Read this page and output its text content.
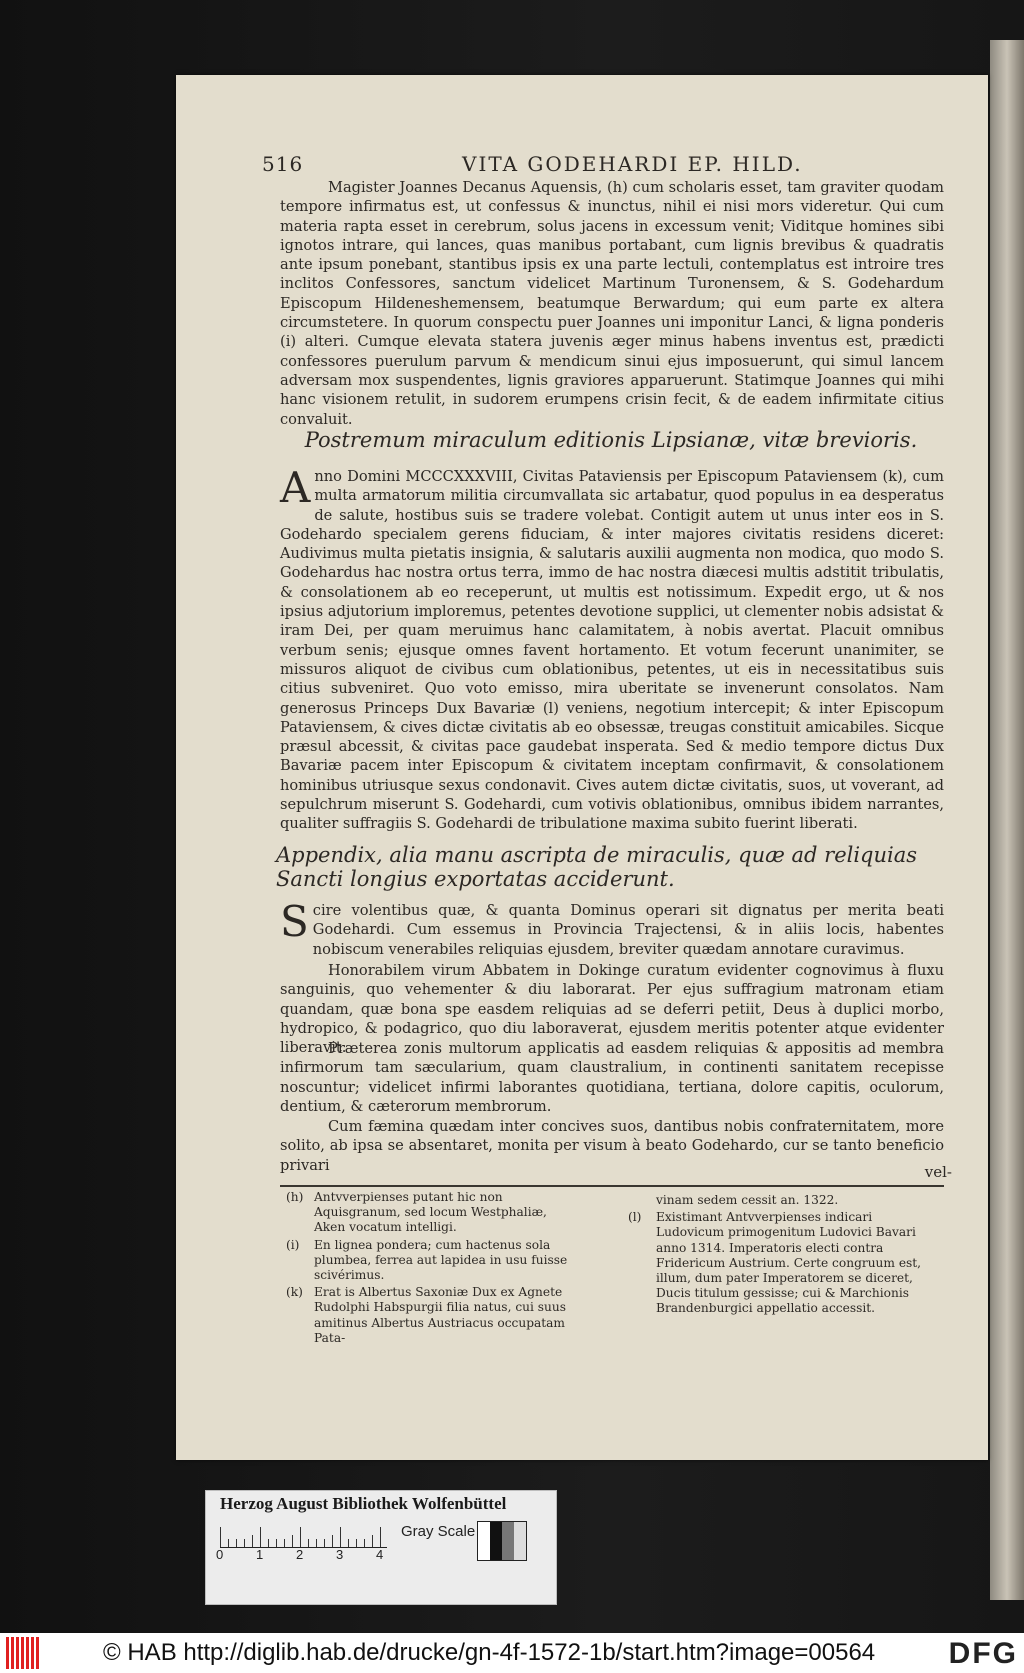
516	VITA GODEHARDI EP. HILD.

Magister Joannes Decanus Aquensis, (h) cum scholaris esset, tam graviter quodam tempore infirmatus est, ut confessus & inunctus, nihil ei nisi mors videretur. Qui cum materia rapta esset in cerebrum, solus jacens in excessum venit; Viditque homines sibi ignotos intrare, qui lances, quas manibus portabant, cum lignis brevibus & quadratis ante ipsum ponebant, stantibus ipsis ex una parte lectuli, contemplatus est introire tres inclitos Confessores, sanctum videlicet Martinum Turonensem, & S. Godehardum Episcopum Hildeneshemensem, beatumque Berwardum; qui eum parte ex altera circumstetere. In quorum conspectu puer Joannes uni imponitur Lanci, & ligna ponderis (i) alteri. Cumque elevata statera juvenis æger minus habens inventus est, prædicti confessores puerulum parvum & mendicum sinui ejus imposuerunt, qui simul lancem adversam mox suspendentes, lignis graviores apparuerunt. Statimque Joannes qui mihi hanc visionem retulit, in sudorem erumpens crisin fecit, & de eadem infirmitate citius convaluit.

Postremum miraculum editionis Lipsianæ, vitæ brevioris.

Anno Domini MCCCXXXVIII, Civitas Pataviensis per Episcopum Pataviensem (k), cum multa armatorum militia circumvallata sic artabatur, quod populus in ea desperatus de salute, hostibus suis se tradere volebat. Contigit autem ut unus inter eos in S. Godehardo specialem gerens fiduciam, & inter majores civitatis residens diceret: Audivimus multa pietatis insignia, & salutaris auxilii augmenta non modica, quo modo S. Godehardus hac nostra ortus terra, immo de hac nostra diæcesi multis adstitit tribulatis, & consolationem ab eo receperunt, ut multis est notissimum. Expedit ergo, ut & nos ipsius adjutorium imploremus, petentes devotione supplici, ut clementer nobis adsistat & iram Dei, per quam meruimus hanc calamitatem, à nobis avertat. Placuit omnibus verbum senis; ejusque omnes favent hortamento. Et votum fecerunt unanimiter, se missuros aliquot de civibus cum oblationibus, petentes, ut eis in necessitatibus suis citius subveniret. Quo voto emisso, mira uberitate se invenerunt consolatos. Nam generosus Princeps Dux Bavariæ (l) veniens, negotium intercepit; & inter Episcopum Pataviensem, & cives dictæ civitatis ab eo obsessæ, treugas constituit amicabiles. Sicque præsul abcessit, & civitas pace gaudebat insperata. Sed & medio tempore dictus Dux Bavariæ pacem inter Episcopum & civitatem inceptam confirmavit, & consolationem hominibus utriusque sexus condonavit. Cives autem dictæ civitatis, suos, ut voverant, ad sepulchrum miserunt S. Godehardi, cum votivis oblationibus, omnibus ibidem narrantes, qualiter suffragiis S. Godehardi de tribulatione maxima subito fuerint liberati.

Appendix, alia manu ascripta de miraculis, quæ ad reliquias Sancti longius exportatas acciderunt.

Scire volentibus quæ, & quanta Dominus operari sit dignatus per merita beati Godehardi. Cum essemus in Provincia Trajectensi, & in aliis locis, habentes nobiscum venerabiles reliquias ejusdem, breviter quædam annotare curavimus.

Honorabilem virum Abbatem in Dokinge curatum evidenter cognovimus à fluxu sanguinis, quo vehementer & diu laborarat. Per ejus suffragium matronam etiam quandam, quæ bona spe easdem reliquias ad se deferri petiit, Deus à duplici morbo, hydropico, & podagrico, quo diu laboraverat, ejusdem meritis potenter atque evidenter liberavit.

Præterea zonis multorum applicatis ad easdem reliquias & appositis ad membra infirmorum tam sæcularium, quam claustralium, in continenti sanitatem recepisse noscuntur; videlicet infirmi laborantes quotidiana, tertiana, dolore capitis, oculorum, dentium, & cæterorum membrorum.

Cum fæmina quædam inter concives suos, dantibus nobis confraternitatem, more solito, ab ipsa se absentaret, monita per visum à beato Godehardo, cur se tanto beneficio privari	vel-
(h) Antvverpienses putant hic non Aquisgranum, sed locum Westphaliæ, Aken vocatum intelligi.
(i) En lignea pondera; cum hactenus sola plumbea, ferrea aut lapidea in usu fuisse scivérimus.
(k) Erat is Albertus Saxoniæ Dux ex Agnete Rudolphi Habspurgii filia natus, cui suus amitinus Albertus Austriacus occupatam Pata-
vinam sedem cessit an. 1322.
(l) Existimant Antvverpienses indicari Ludovicum primogenitum Ludovici Bavari anno 1314. Imperatoris electi contra Fridericum Austrium. Certe congruum est, illum, dum pater Imperatorem se diceret, Ducis titulum gessisse; cui & Marchionis Brandenburgici appellatio accessit.
Herzog August Bibliothek Wolfenbüttel
0	1	2	3	4
Gray Scale
© HAB http://diglib.hab.de/drucke/gn-4f-1572-1b/start.htm?image=00564 DFG
